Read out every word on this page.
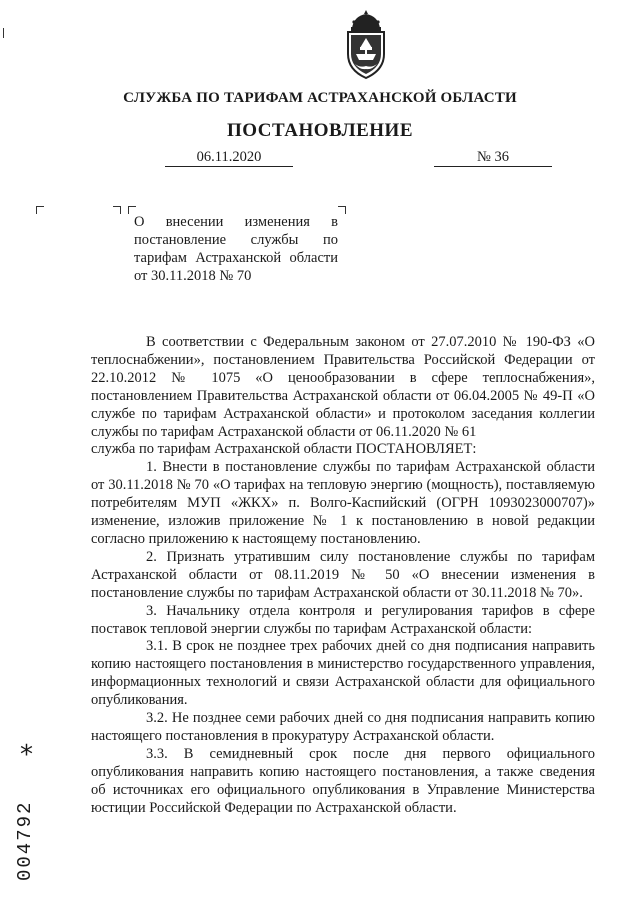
СЛУЖБА ПО ТАРИФАМ АСТРАХАНСКОЙ ОБЛАСТИ
ПОСТАНОВЛЕНИЕ
06.11.2020	№ 36
О внесении изменения в
постановление службы по
тарифам Астраханской области
от 30.11.2018 № 70

В соответствии с Федеральным законом от 27.07.2010 № 190-ФЗ «О теплоснабжении», постановлением Правительства Российской Федерации от 22.10.2012 № 1075 «О ценообразовании в сфере теплоснабжения», постановлением Правительства Астраханской области от 06.04.2005 № 49-П «О службе по тарифам Астраханской области» и протоколом заседания коллегии службы по тарифам Астраханской области от 06.11.2020 № 61

служба по тарифам Астраханской области ПОСТАНОВЛЯЕТ:

1. Внести в постановление службы по тарифам Астраханской области от 30.11.2018 № 70 «О тарифах на тепловую энергию (мощность), поставляемую потребителям МУП «ЖКХ» п. Волго-Каспийский (ОГРН 1093023000707)» изменение, изложив приложение № 1 к постановлению в новой редакции согласно приложению к настоящему постановлению.

2. Признать утратившим силу постановление службы по тарифам Астраханской области от 08.11.2019 № 50 «О внесении изменения в постановление службы по тарифам Астраханской области от 30.11.2018 № 70».

3. Начальнику отдела контроля и регулирования тарифов в сфере поставок тепловой энергии службы по тарифам Астраханской области:

3.1. В срок не позднее трех рабочих дней со дня подписания направить копию настоящего постановления в министерство государственного управления, информационных технологий и связи Астраханской области для официального опубликования.

3.2. Не позднее семи рабочих дней со дня подписания направить копию настоящего постановления в прокуратуру Астраханской области.

3.3. В семидневный срок после дня первого официального опубликования направить копию настоящего постановления, а также сведения об источниках его официального опубликования в Управление Министерства юстиции Российской Федерации по Астраханской области.

*
004792
